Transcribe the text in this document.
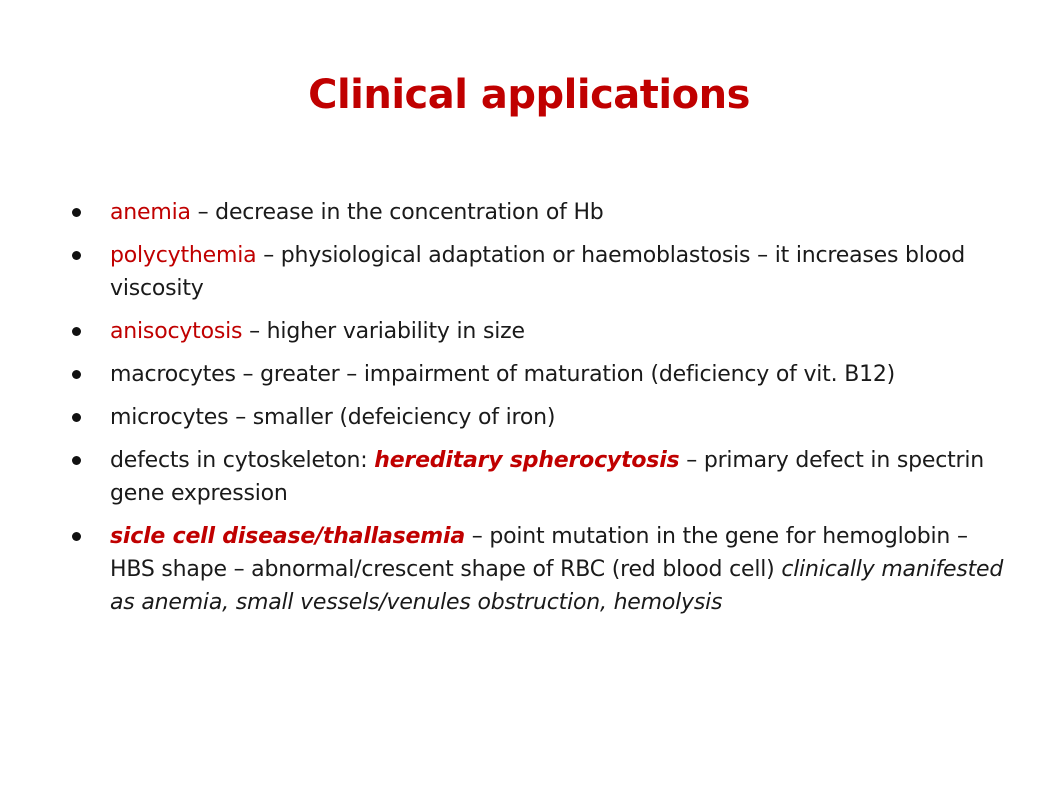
Clinical applications
anemia – decrease in the concentration of Hb
polycythemia – physiological adaptation or haemoblastosis – it increases blood viscosity
anisocytosis – higher variability in size
macrocytes – greater – impairment of maturation (deficiency of vit. B12)
microcytes – smaller (defeiciency of iron)
defects in cytoskeleton: hereditary spherocytosis – primary defect in spectrin gene expression
sicle cell disease/thallasemia – point mutation in the gene for hemoglobin – HBS shape – abnormal/crescent shape of RBC (red blood cell) clinically manifested as anemia, small vessels/venules obstruction, hemolysis
